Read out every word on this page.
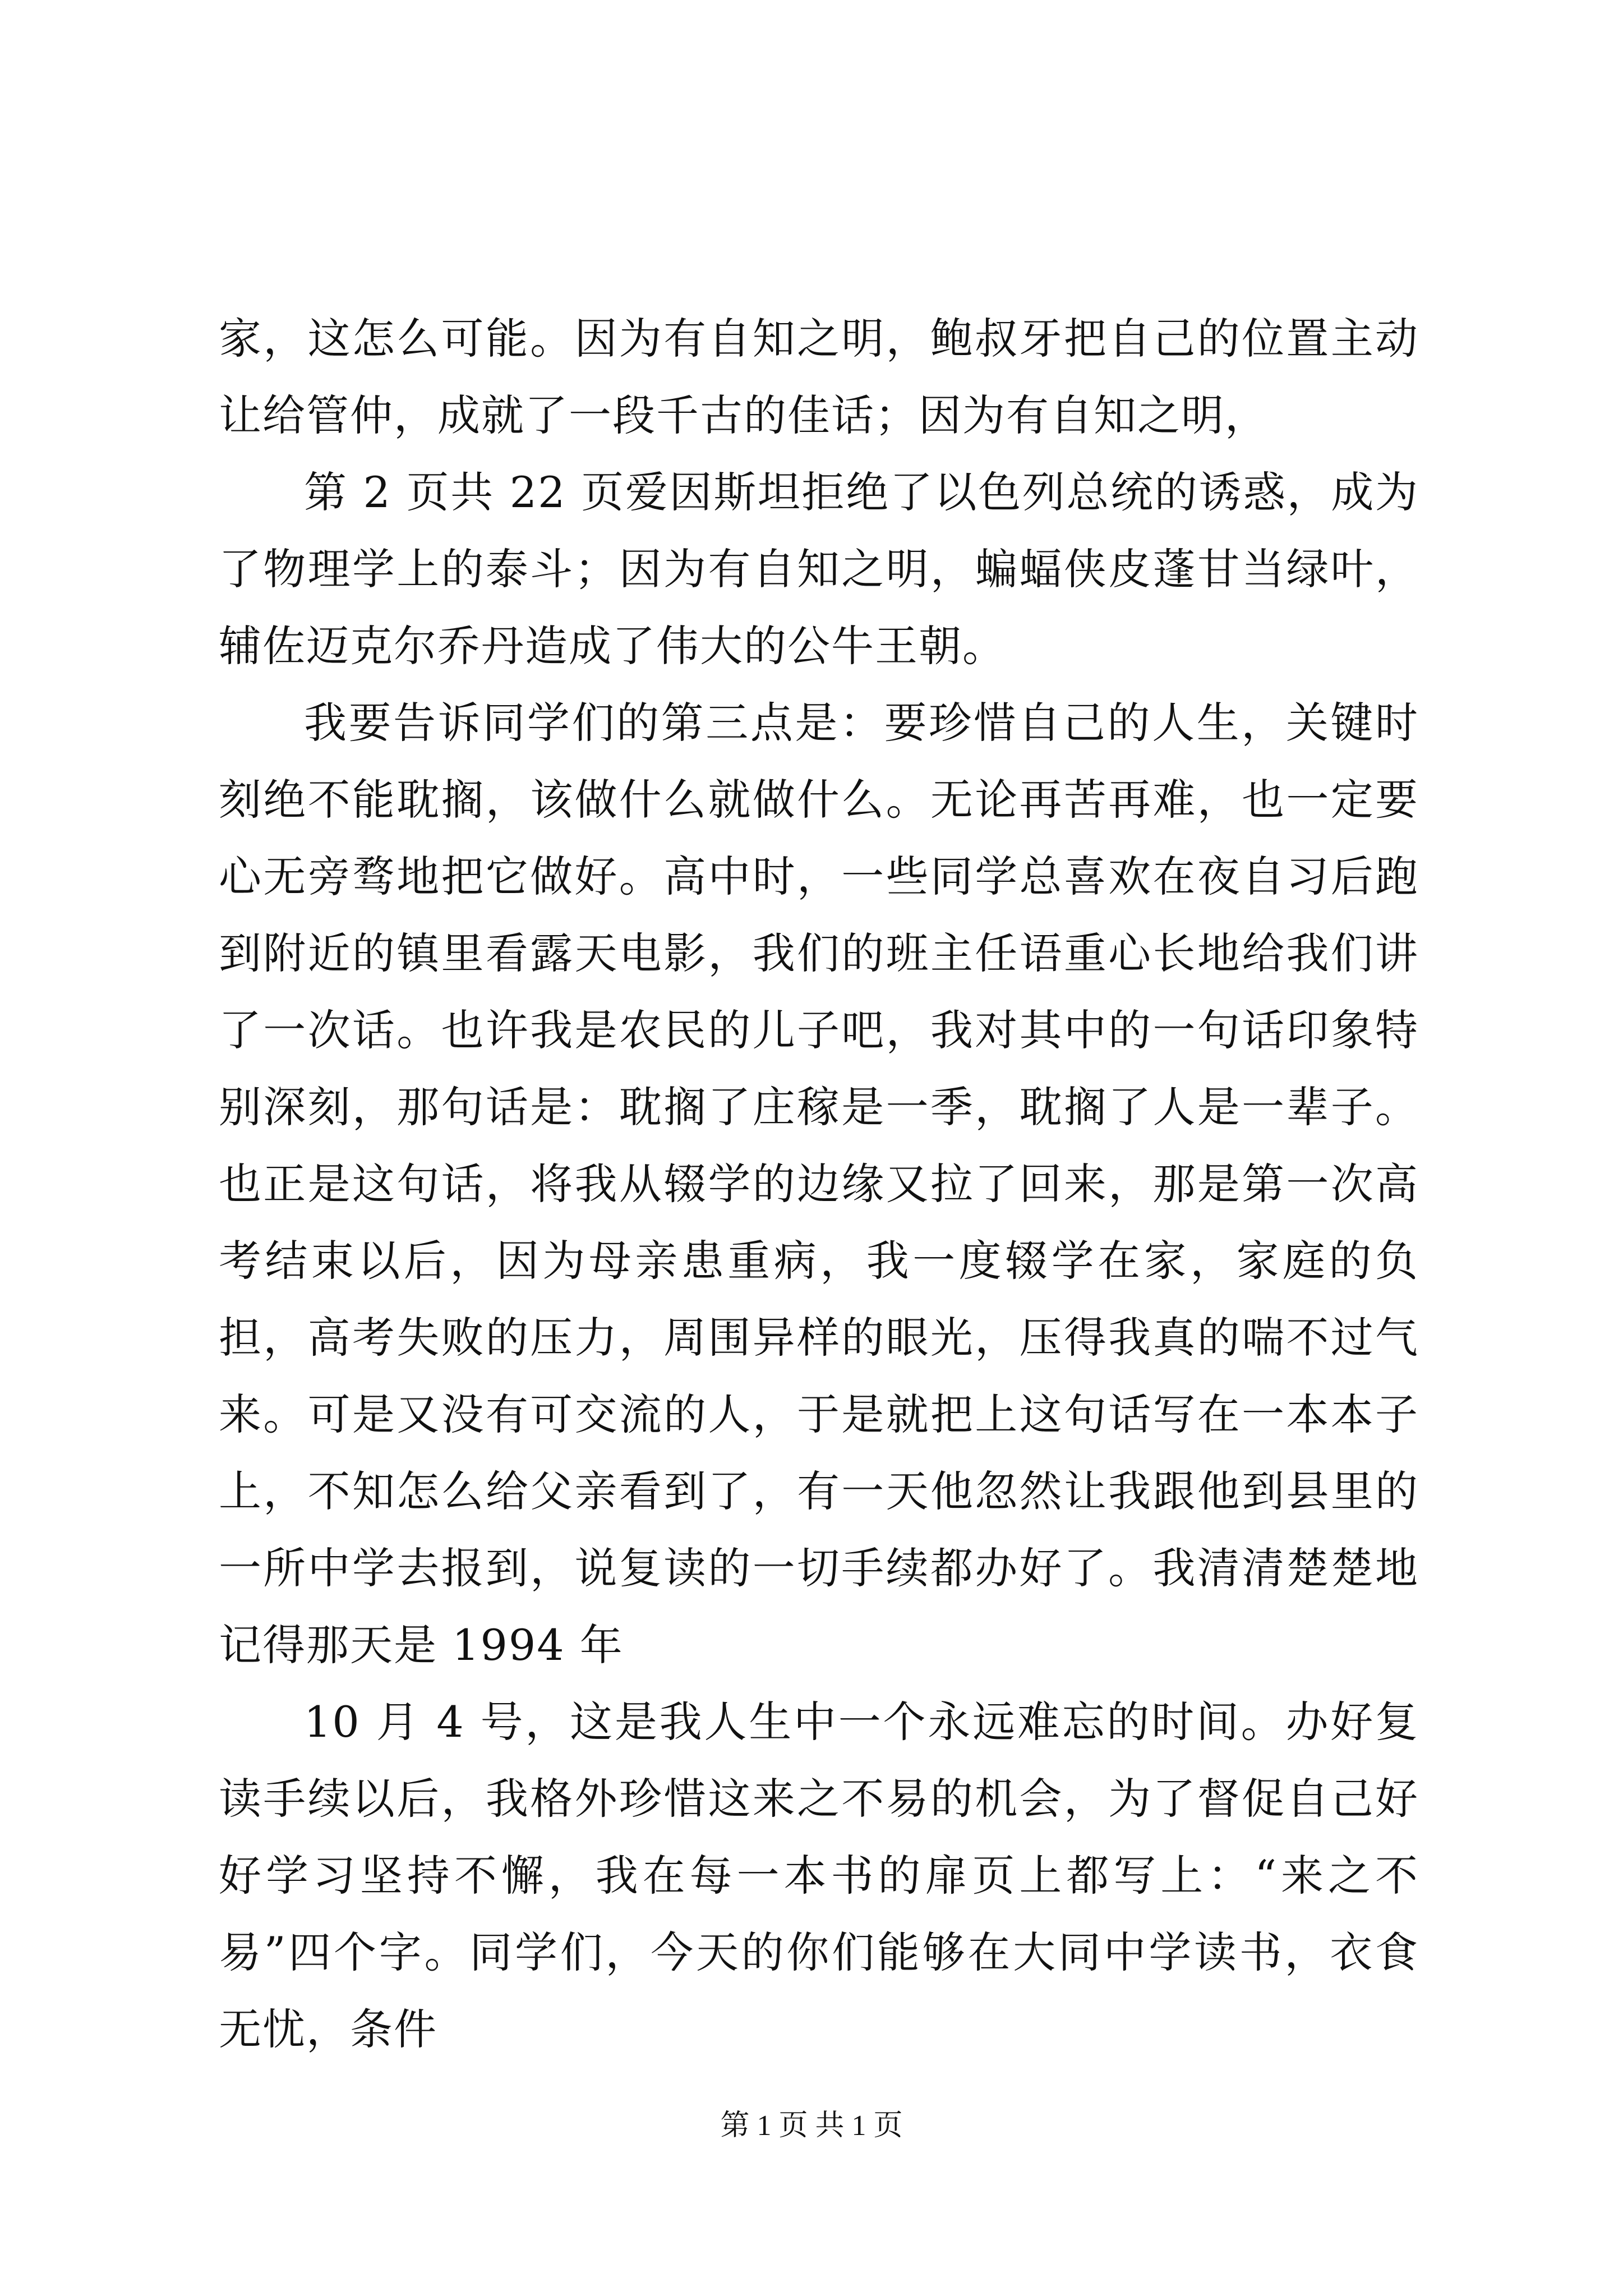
家，这怎么可能。因为有自知之明，鲍叔牙把自己的位置主动让给管仲，成就了一段千古的佳话；因为有自知之明，

第 2 页共 22 页爱因斯坦拒绝了以色列总统的诱惑，成为了物理学上的泰斗；因为有自知之明，蝙蝠侠皮蓬甘当绿叶，辅佐迈克尔乔丹造成了伟大的公牛王朝。

我要告诉同学们的第三点是：要珍惜自己的人生，关键时刻绝不能耽搁，该做什么就做什么。无论再苦再难，也一定要心无旁骛地把它做好。高中时，一些同学总喜欢在夜自习后跑到附近的镇里看露天电影，我们的班主任语重心长地给我们讲了一次话。也许我是农民的儿子吧，我对其中的一句话印象特别深刻，那句话是：耽搁了庄稼是一季，耽搁了人是一辈子。也正是这句话，将我从辍学的边缘又拉了回来，那是第一次高考结束以后，因为母亲患重病，我一度辍学在家，家庭的负担，高考失败的压力，周围异样的眼光，压得我真的喘不过气来。可是又没有可交流的人，于是就把上这句话写在一本本子上，不知怎么给父亲看到了，有一天他忽然让我跟他到县里的一所中学去报到，说复读的一切手续都办好了。我清清楚楚地记得那天是 1994 年

10 月 4 号，这是我人生中一个永远难忘的时间。办好复读手续以后，我格外珍惜这来之不易的机会，为了督促自己好好学习坚持不懈，我在每一本书的扉页上都写上：“来之不易”四个字。同学们，今天的你们能够在大同中学读书，衣食无忧，条件

第 1 页 共 1 页
